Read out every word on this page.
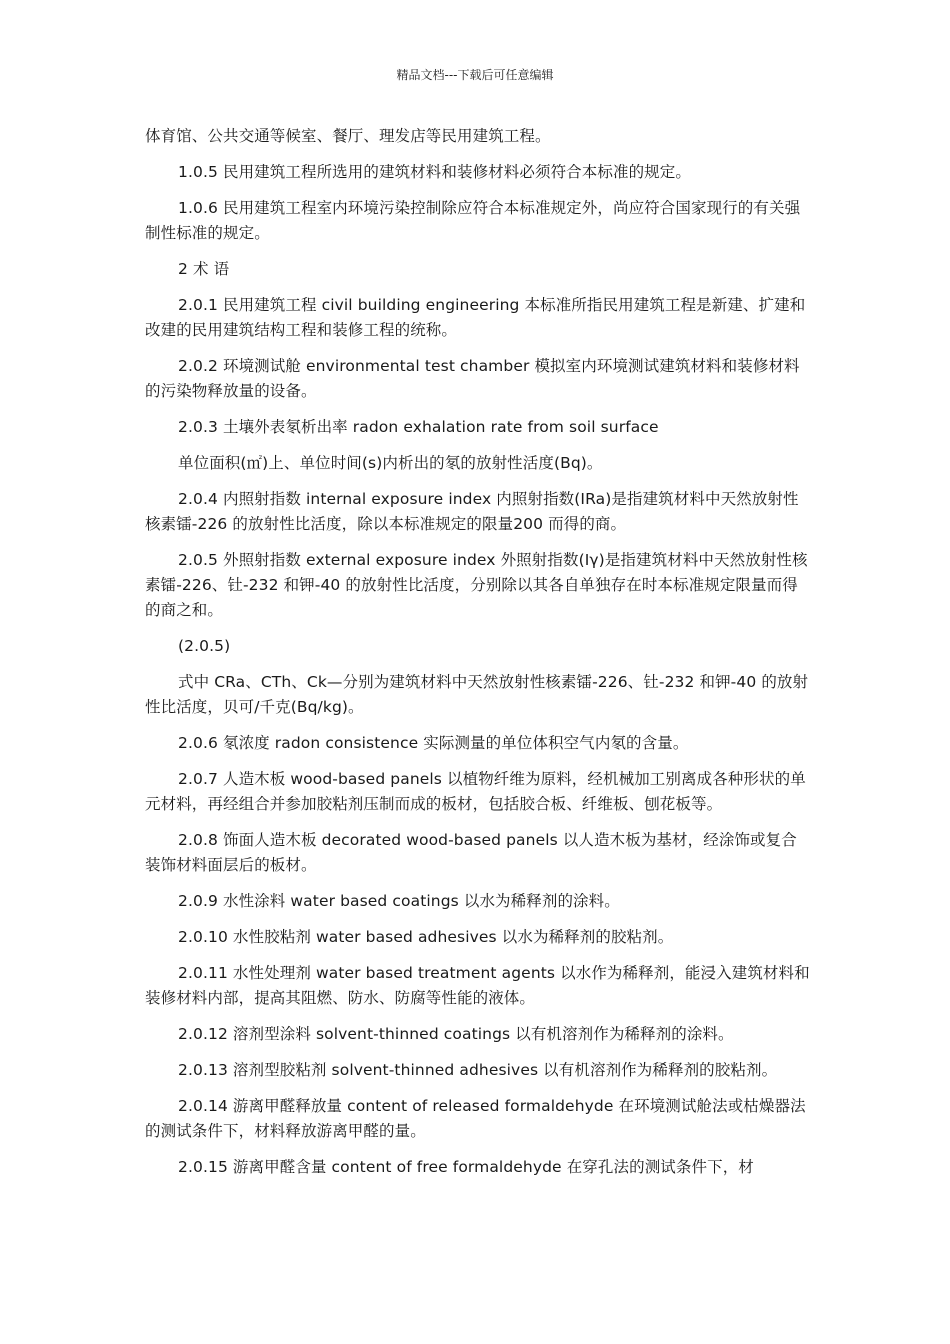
精品文档---下载后可任意编辑

体育馆、公共交通等候室、餐厅、理发店等民用建筑工程。

1.0.5 民用建筑工程所选用的建筑材料和装修材料必须符合本标准的规定。

1.0.6 民用建筑工程室内环境污染控制除应符合本标准规定外，尚应符合国家现行的有关强制性标准的规定。

2 术 语

2.0.1 民用建筑工程 civil building engineering 本标准所指民用建筑工程是新建、扩建和改建的民用建筑结构工程和装修工程的统称。

2.0.2 环境测试舱 environmental test chamber 模拟室内环境测试建筑材料和装修材料的污染物释放量的设备。

2.0.3 土壤外表氡析出率 radon exhalation rate from soil surface

单位面积(㎡)上、单位时间(s)内析出的氡的放射性活度(Bq)。

2.0.4 内照射指数 internal exposure index 内照射指数(IRa)是指建筑材料中天然放射性核素镭-226 的放射性比活度，除以本标准规定的限量200 而得的商。

2.0.5 外照射指数 external exposure index 外照射指数(Iγ)是指建筑材料中天然放射性核素镭-226、钍-232 和钾-40 的放射性比活度，分别除以其各自单独存在时本标准规定限量而得的商之和。

(2.0.5)

式中 CRa、CTh、Ck—分别为建筑材料中天然放射性核素镭-226、钍-232 和钾-40 的放射性比活度，贝可/千克(Bq/kg)。

2.0.6 氡浓度 radon consistence 实际测量的单位体积空气内氡的含量。

2.0.7 人造木板 wood-based panels 以植物纤维为原料，经机械加工别离成各种形状的单元材料，再经组合并参加胶粘剂压制而成的板材，包括胶合板、纤维板、刨花板等。

2.0.8 饰面人造木板 decorated wood-based panels 以人造木板为基材，经涂饰或复合装饰材料面层后的板材。

2.0.9 水性涂料 water based coatings 以水为稀释剂的涂料。

2.0.10 水性胶粘剂 water based adhesives 以水为稀释剂的胶粘剂。

2.0.11 水性处理剂 water based treatment agents 以水作为稀释剂，能浸入建筑材料和装修材料内部，提高其阻燃、防水、防腐等性能的液体。

2.0.12 溶剂型涂料 solvent-thinned coatings 以有机溶剂作为稀释剂的涂料。

2.0.13 溶剂型胶粘剂 solvent-thinned adhesives 以有机溶剂作为稀释剂的胶粘剂。

2.0.14 游离甲醛释放量 content of released formaldehyde 在环境测试舱法或枯燥器法的测试条件下，材料释放游离甲醛的量。

2.0.15 游离甲醛含量 content of free formaldehyde 在穿孔法的测试条件下，材
